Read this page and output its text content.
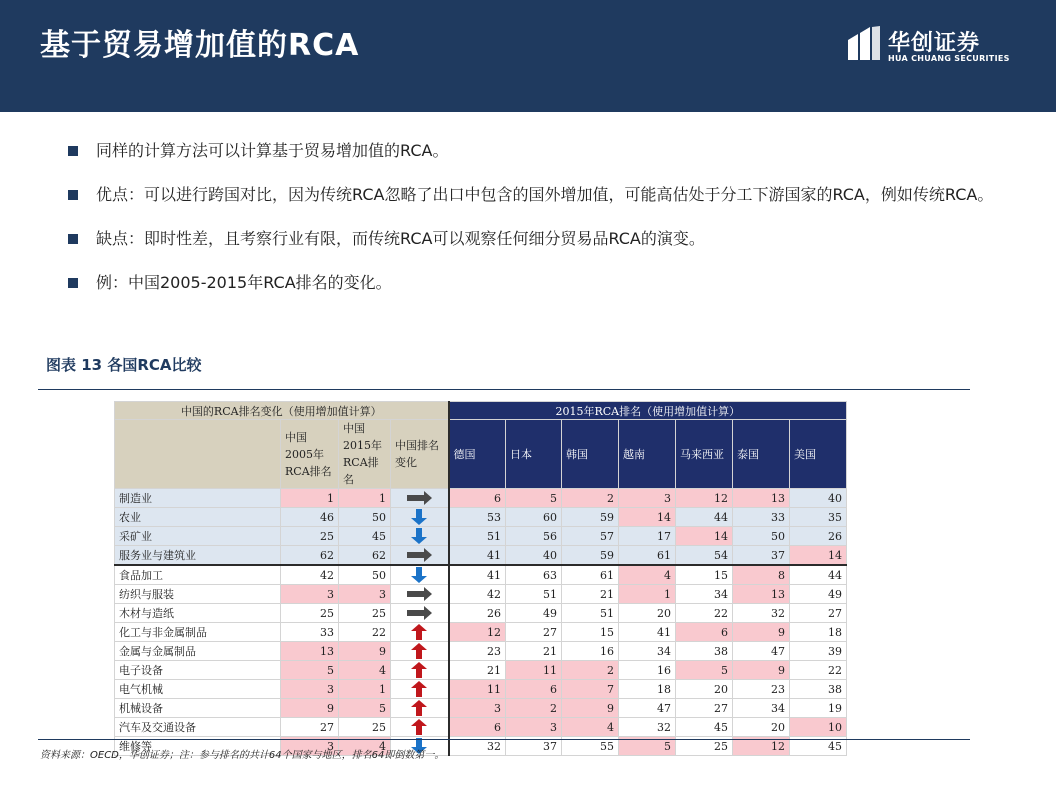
基于贸易增加值的RCA	华创证券
HUA CHUANG SECURITIES
同样的计算方法可以计算基于贸易增加值的RCA。
优点：可以进行跨国对比，因为传统RCA忽略了出口中包含的国外增加值，可能高估处于分工下游国家的RCA，例如传统RCA。
缺点：即时性差，且考察行业有限，而传统RCA可以观察任何细分贸易品RCA的演变。
例：中国2005-2015年RCA排名的变化。
图表 13 各国RCA比较
中国的RCA排名变化（使用增加值计算）				2015年RCA排名（使用增加值计算）						
	中国2005年RCA排名	中国2015年RCA排名	中国排名变化	德国	日本	韩国	越南	马来西亚	泰国	美国
制造业	1	1		6	5	2	3	12	13	40
农业	46	50		53	60	59	14	44	33	35
采矿业	25	45		51	56	57	17	14	50	26
服务业与建筑业	62	62		41	40	59	61	54	37	14
食品加工	42	50		41	63	61	4	15	8	44
纺织与服装	3	3		42	51	21	1	34	13	49
木材与造纸	25	25		26	49	51	20	22	32	27
化工与非金属制品	33	22		12	27	15	41	6	9	18
金属与金属制品	13	9		23	21	16	34	38	47	39
电子设备	5	4		21	11	2	16	5	9	22
电气机械	3	1		11	6	7	18	20	23	38
机械设备	9	5		3	2	9	47	27	34	19
汽车及交通设备	27	25		6	3	4	32	45	20	10
维修等	3	4		32	37	55	5	25	12	45
资料来源：OECD，华创证券；注：参与排名的共计64个国家与地区，排名64即倒数第一。
